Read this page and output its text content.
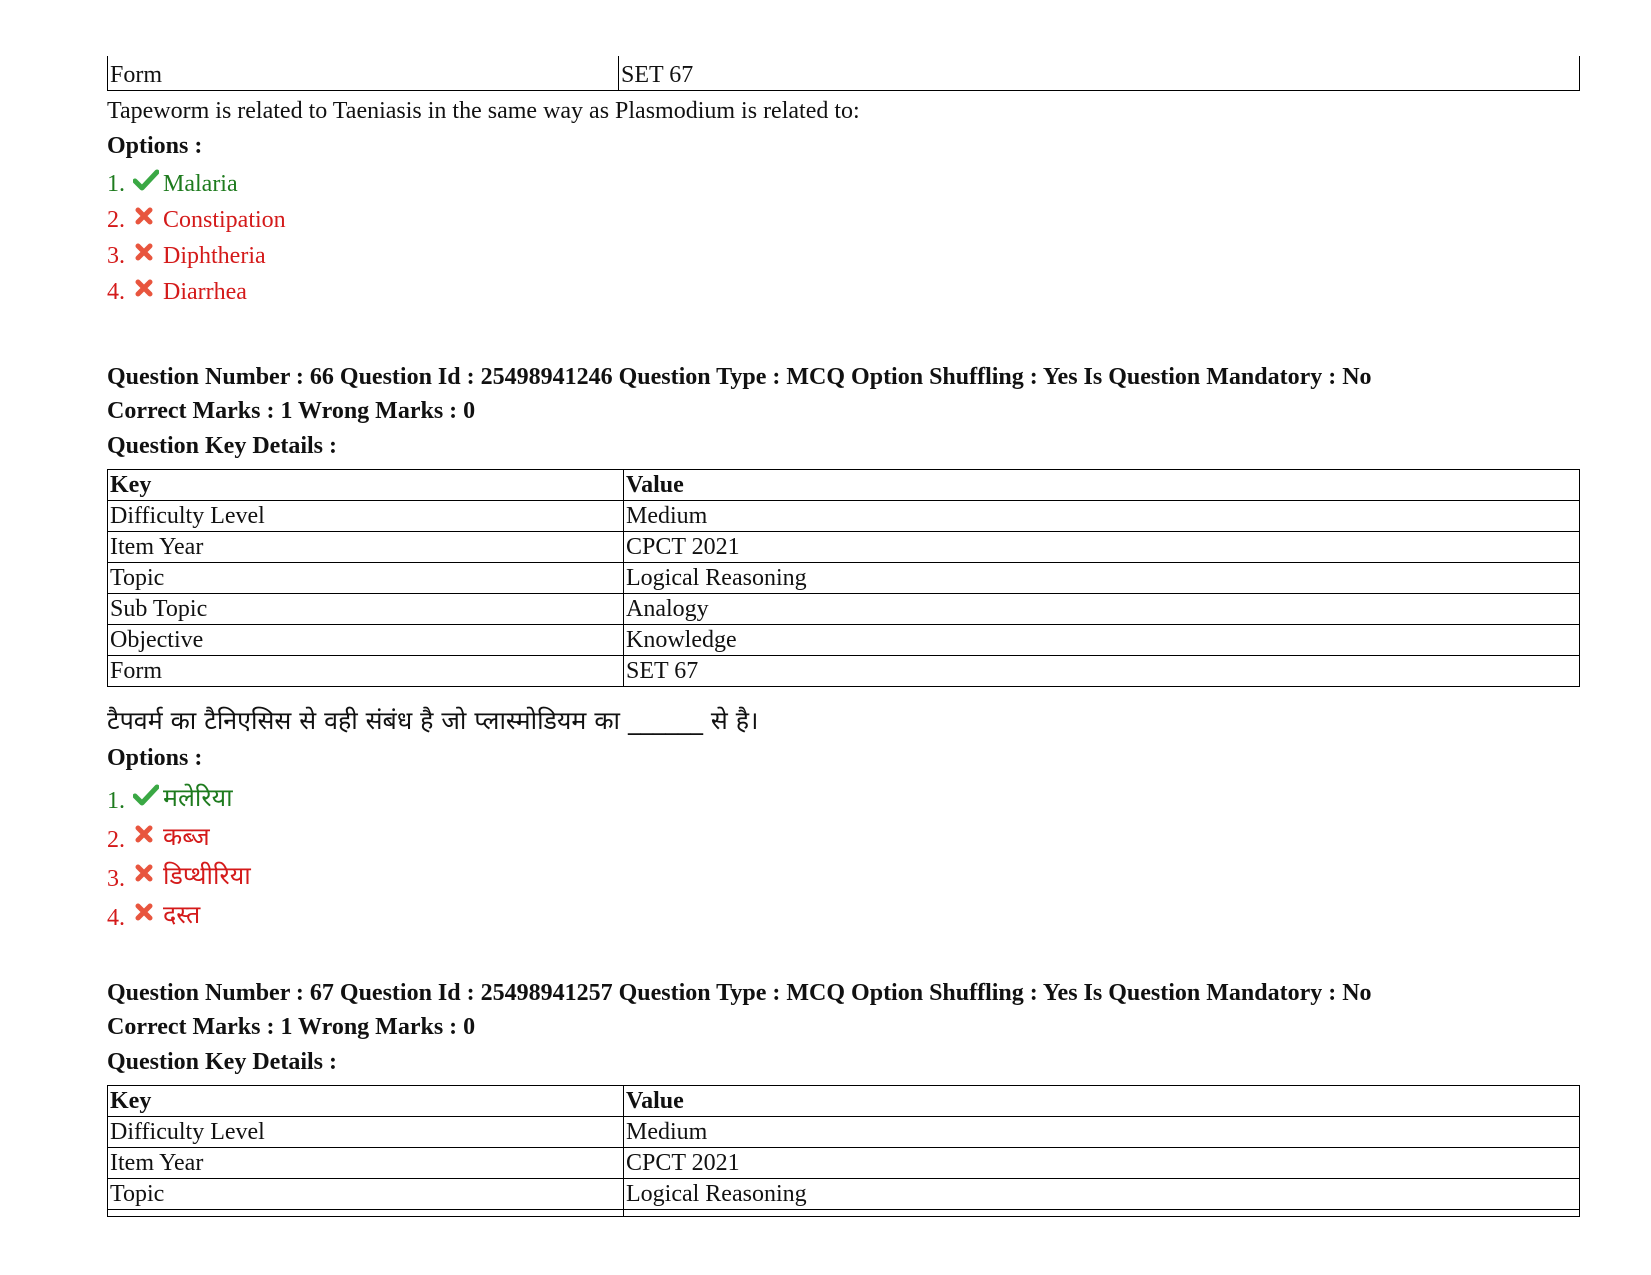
Form	SET 67
Tapeworm is related to Taeniasis in the same way as Plasmodium is related to:
Options :
1.	Malaria
2.	Constipation
3.	Diphtheria
4.	Diarrhea
Question Number : 66 Question Id : 25498941246 Question Type : MCQ Option Shuffling : Yes Is Question Mandatory : No
Correct Marks : 1 Wrong Marks : 0
Question Key Details :
Key	Value
Difficulty Level	Medium
Item Year	CPCT 2021
Topic	Logical Reasoning
Sub Topic	Analogy
Objective	Knowledge
Form	SET 67
टैपवर्म का टैनिएसिस से वही संबंध है जो प्लास्मोडियम का ______ से है।
Options :
1.	मलेरिया
2.	कब्ज
3.	डिप्थीरिया
4.	दस्त
Question Number : 67 Question Id : 25498941257 Question Type : MCQ Option Shuffling : Yes Is Question Mandatory : No
Correct Marks : 1 Wrong Marks : 0
Question Key Details :
Key	Value
Difficulty Level	Medium
Item Year	CPCT 2021
Topic	Logical Reasoning
